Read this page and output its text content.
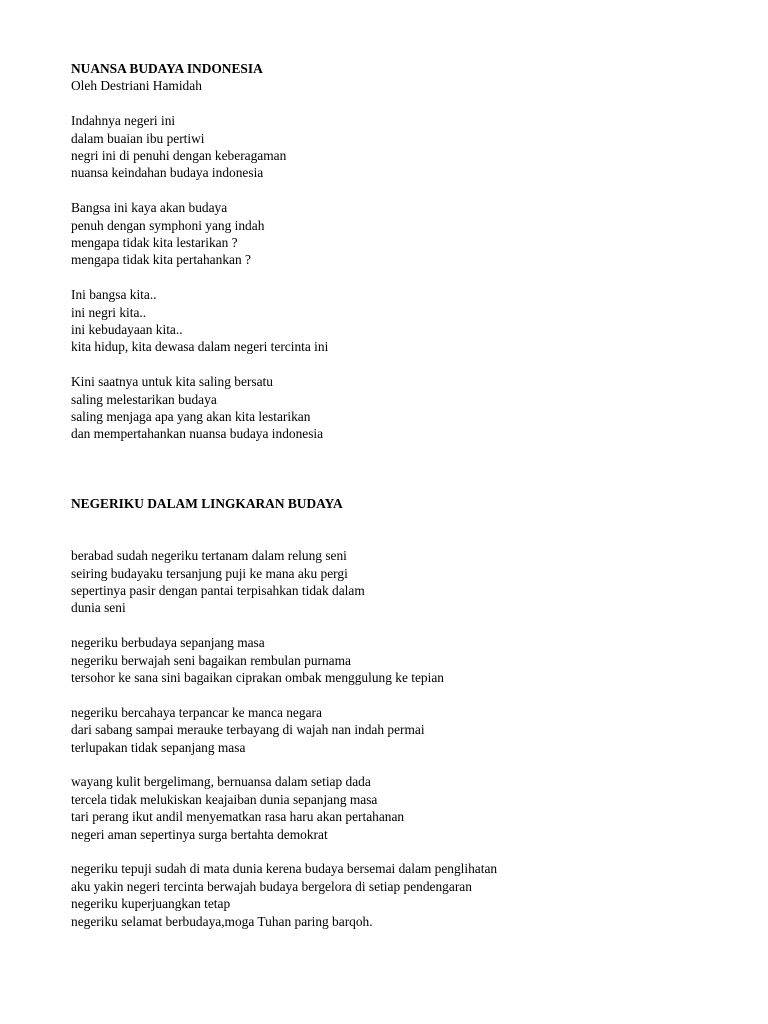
NUANSA BUDAYA INDONESIA
Oleh Destriani Hamidah
Indahnya negeri ini
dalam buaian ibu pertiwi
negri ini di penuhi dengan keberagaman
nuansa keindahan budaya indonesia
Bangsa ini kaya akan budaya
penuh dengan symphoni yang indah
mengapa tidak kita lestarikan ?
mengapa tidak kita pertahankan ?
Ini bangsa kita..
ini negri kita..
ini kebudayaan kita..
kita hidup, kita dewasa dalam negeri tercinta ini
Kini saatnya untuk kita saling bersatu
saling melestarikan budaya
saling menjaga apa yang akan kita lestarikan
dan mempertahankan nuansa budaya indonesia
NEGERIKU DALAM LINGKARAN BUDAYA
berabad sudah negeriku tertanam dalam relung seni
seiring budayaku tersanjung puji ke mana aku pergi
sepertinya pasir dengan pantai terpisahkan tidak dalam
dunia seni
negeriku berbudaya sepanjang masa
negeriku berwajah seni bagaikan rembulan purnama
tersohor ke sana sini bagaikan ciprakan ombak menggulung ke tepian
negeriku bercahaya terpancar ke manca negara
dari sabang sampai merauke terbayang di wajah nan indah permai
terlupakan tidak sepanjang masa
wayang kulit bergelimang, bernuansa dalam setiap dada
tercela tidak melukiskan keajaiban dunia sepanjang masa
tari perang ikut andil menyematkan rasa haru akan pertahanan
negeri aman sepertinya surga bertahta demokrat
negeriku tepuji sudah di mata dunia kerena budaya bersemai dalam penglihatan
aku yakin negeri tercinta berwajah budaya bergelora di setiap pendengaran
negeriku kuperjuangkan tetap
negeriku selamat berbudaya,moga Tuhan paring barqoh.
